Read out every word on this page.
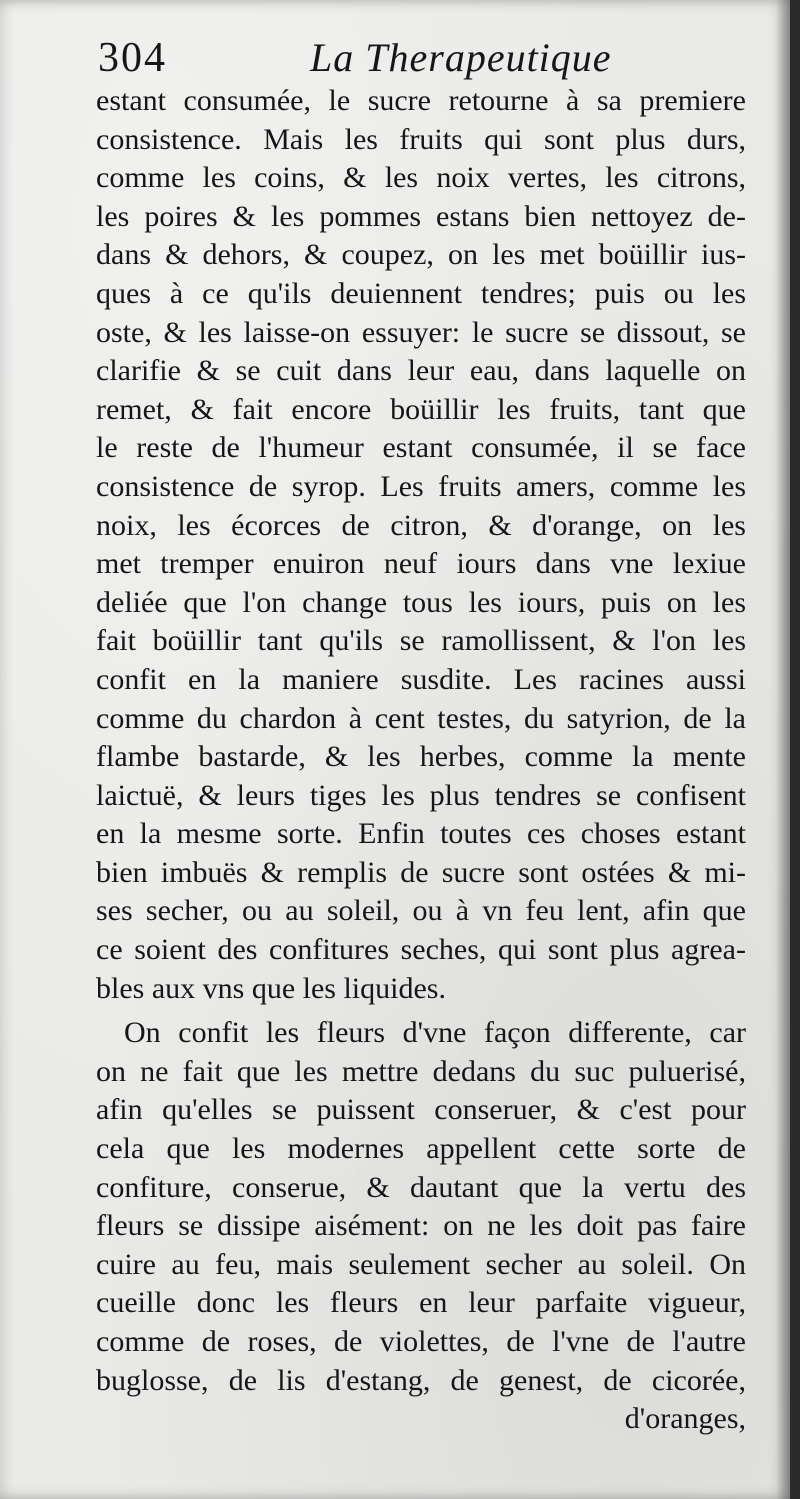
304	La Therapeutique
estant consumée, le sucre retourne à sa premiere
consistence. Mais les fruits qui sont plus durs,
comme les coins, & les noix vertes, les citrons,
les poires & les pommes estans bien nettoyez de-
dans & dehors, & coupez, on les met boüillir ius-
ques à ce qu'ils deuiennent tendres; puis ou les
oste, & les laisse-on essuyer: le sucre se dissout, se
clarifie & se cuit dans leur eau, dans laquelle on
remet, & fait encore boüillir les fruits, tant que
le reste de l'humeur estant consumée, il se face
consistence de syrop. Les fruits amers, comme les
noix, les écorces de citron, & d'orange, on les
met tremper enuiron neuf iours dans vne lexiue
deliée que l'on change tous les iours, puis on les
fait boüillir tant qu'ils se ramollissent, & l'on les
confit en la maniere susdite. Les racines aussi
comme du chardon à cent testes, du satyrion, de la
flambe bastarde, & les herbes, comme la mente
laictuë, & leurs tiges les plus tendres se confisent
en la mesme sorte. Enfin toutes ces choses estant
bien imbuës & remplis de sucre sont ostées & mi-
ses secher, ou au soleil, ou à vn feu lent, afin que
ce soient des confitures seches, qui sont plus agrea-
bles aux vns que les liquides.
On confit les fleurs d'vne façon differente, car
on ne fait que les mettre dedans du suc puluerisé,
afin qu'elles se puissent conseruer, & c'est pour
cela que les modernes appellent cette sorte de
confiture, conserue, & dautant que la vertu des
fleurs se dissipe aisément: on ne les doit pas faire
cuire au feu, mais seulement secher au soleil. On
cueille donc les fleurs en leur parfaite vigueur,
comme de roses, de violettes, de l'vne de l'autre
buglosse, de lis d'estang, de genest, de cicorée,
d'oranges,
